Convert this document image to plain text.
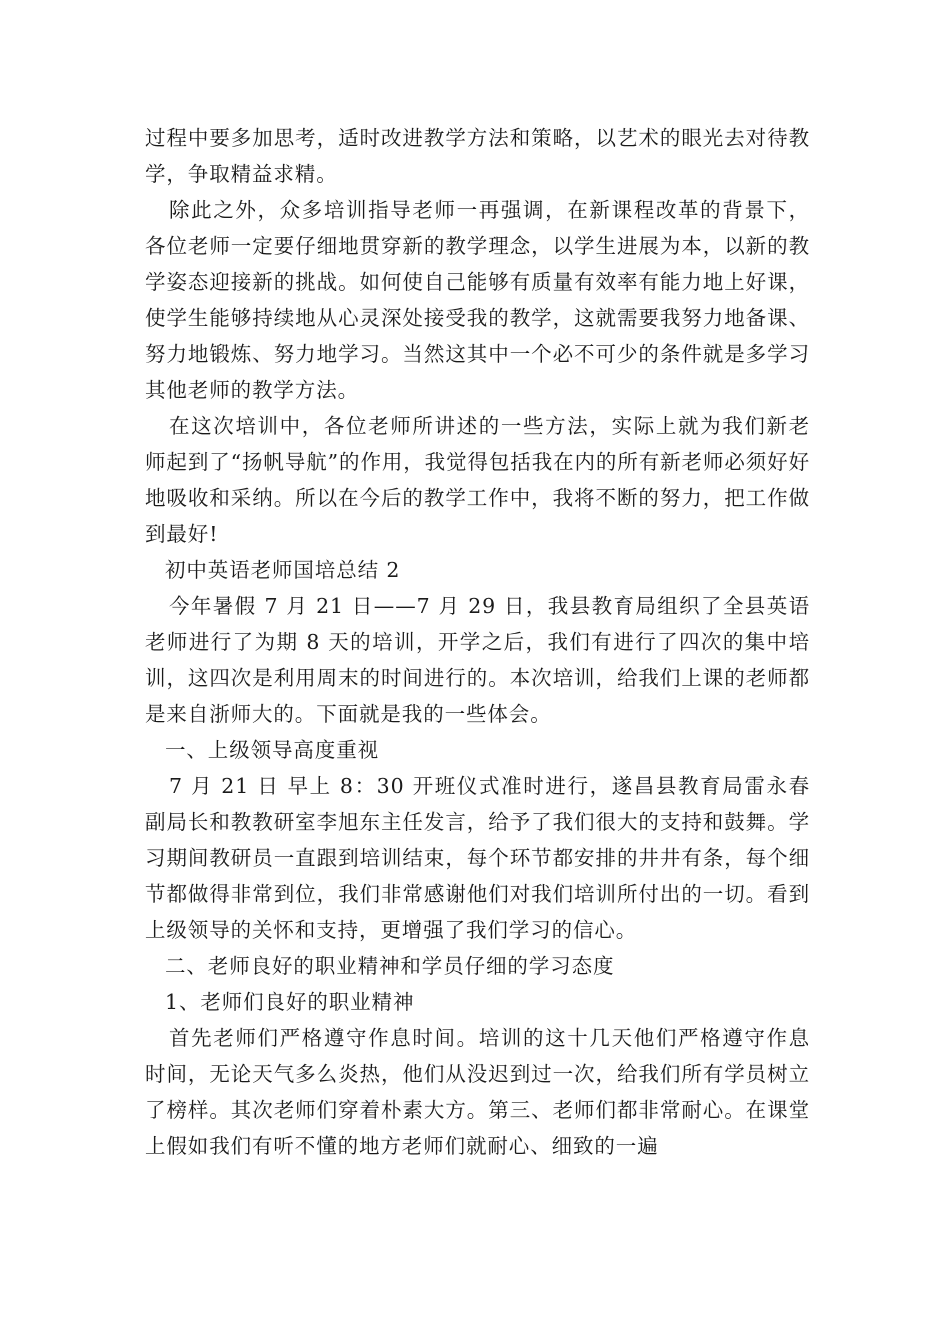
过程中要多加思考，适时改进教学方法和策略，以艺术的眼光去对待教学，争取精益求精。

除此之外，众多培训指导老师一再强调，在新课程改革的背景下，各位老师一定要仔细地贯穿新的教学理念，以学生进展为本，以新的教学姿态迎接新的挑战。如何使自己能够有质量有效率有能力地上好课，使学生能够持续地从心灵深处接受我的教学，这就需要我努力地备课、努力地锻炼、努力地学习。当然这其中一个必不可少的条件就是多学习其他老师的教学方法。

在这次培训中，各位老师所讲述的一些方法，实际上就为我们新老师起到了“扬帆导航”的作用，我觉得包括我在内的所有新老师必须好好地吸收和采纳。所以在今后的教学工作中，我将不断的努力，把工作做到最好!

初中英语老师国培总结 2

今年暑假 7 月 21 日——7 月 29 日，我县教育局组织了全县英语老师进行了为期 8 天的培训，开学之后，我们有进行了四次的集中培训，这四次是利用周末的时间进行的。本次培训，给我们上课的老师都是来自浙师大的。下面就是我的一些体会。

一、上级领导高度重视

7 月 21 日 早上 8：30 开班仪式准时进行，遂昌县教育局雷永春副局长和教教研室李旭东主任发言，给予了我们很大的支持和鼓舞。学习期间教研员一直跟到培训结束，每个环节都安排的井井有条，每个细节都做得非常到位，我们非常感谢他们对我们培训所付出的一切。看到上级领导的关怀和支持，更增强了我们学习的信心。

二、老师良好的职业精神和学员仔细的学习态度

1、老师们良好的职业精神

首先老师们严格遵守作息时间。培训的这十几天他们严格遵守作息时间，无论天气多么炎热，他们从没迟到过一次，给我们所有学员树立了榜样。其次老师们穿着朴素大方。第三、老师们都非常耐心。在课堂上假如我们有听不懂的地方老师们就耐心、细致的一遍
